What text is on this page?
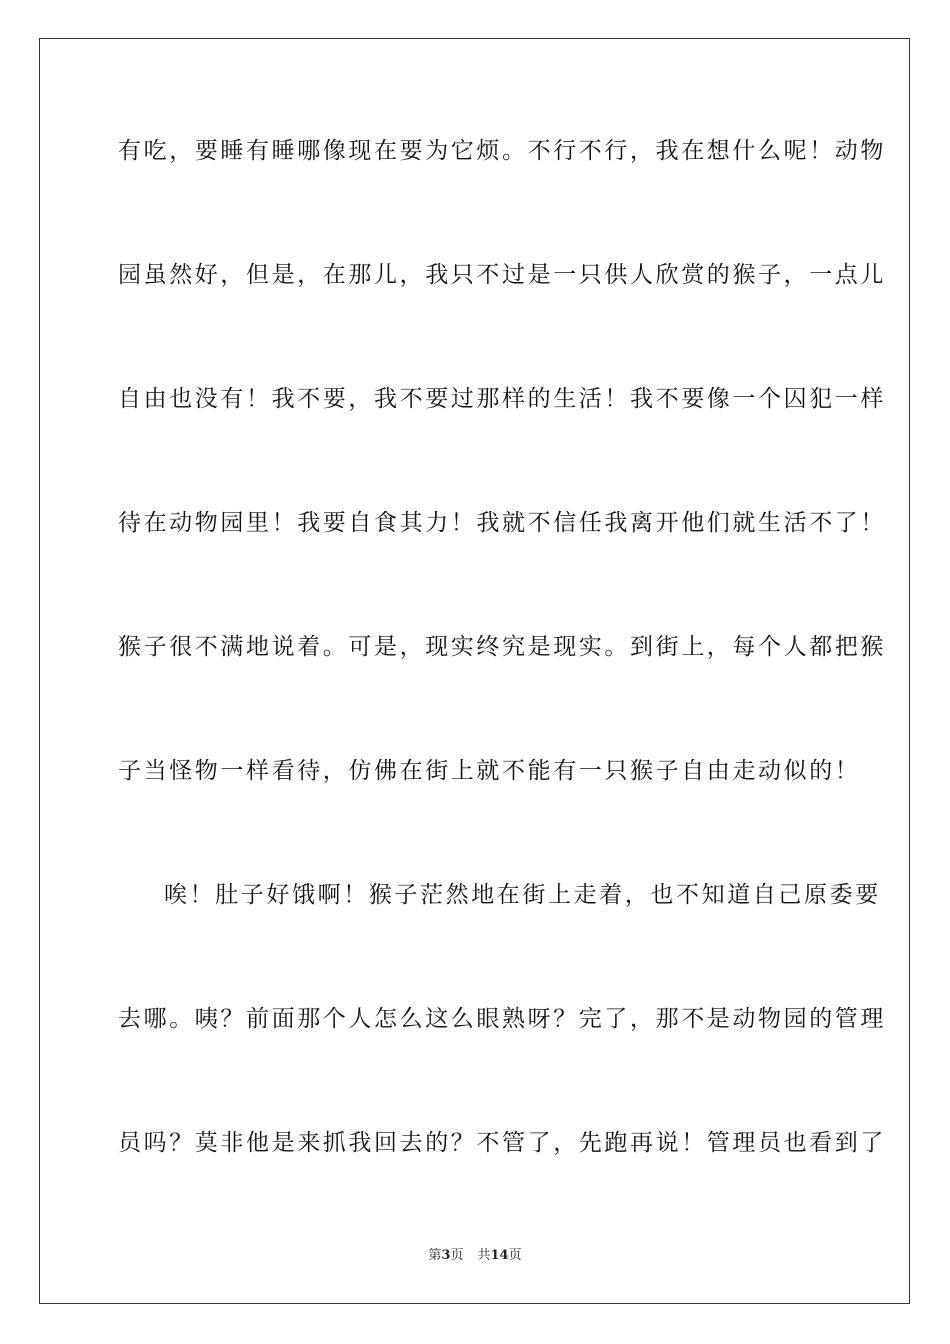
有吃，要睡有睡哪像现在要为它烦。不行不行，我在想什么呢！动物
园虽然好，但是，在那儿，我只不过是一只供人欣赏的猴子，一点儿
自由也没有！我不要，我不要过那样的生活！我不要像一个囚犯一样
待在动物园里！我要自食其力！我就不信任我离开他们就生活不了！
猴子很不满地说着。可是，现实终究是现实。到街上，每个人都把猴
子当怪物一样看待，仿佛在街上就不能有一只猴子自由走动似的！
唉！肚子好饿啊！猴子茫然地在街上走着，也不知道自己原委要
去哪。咦？前面那个人怎么这么眼熟呀？完了，那不是动物园的管理
员吗？莫非他是来抓我回去的？不管了，先跑再说！管理员也看到了
第3页 共14页
